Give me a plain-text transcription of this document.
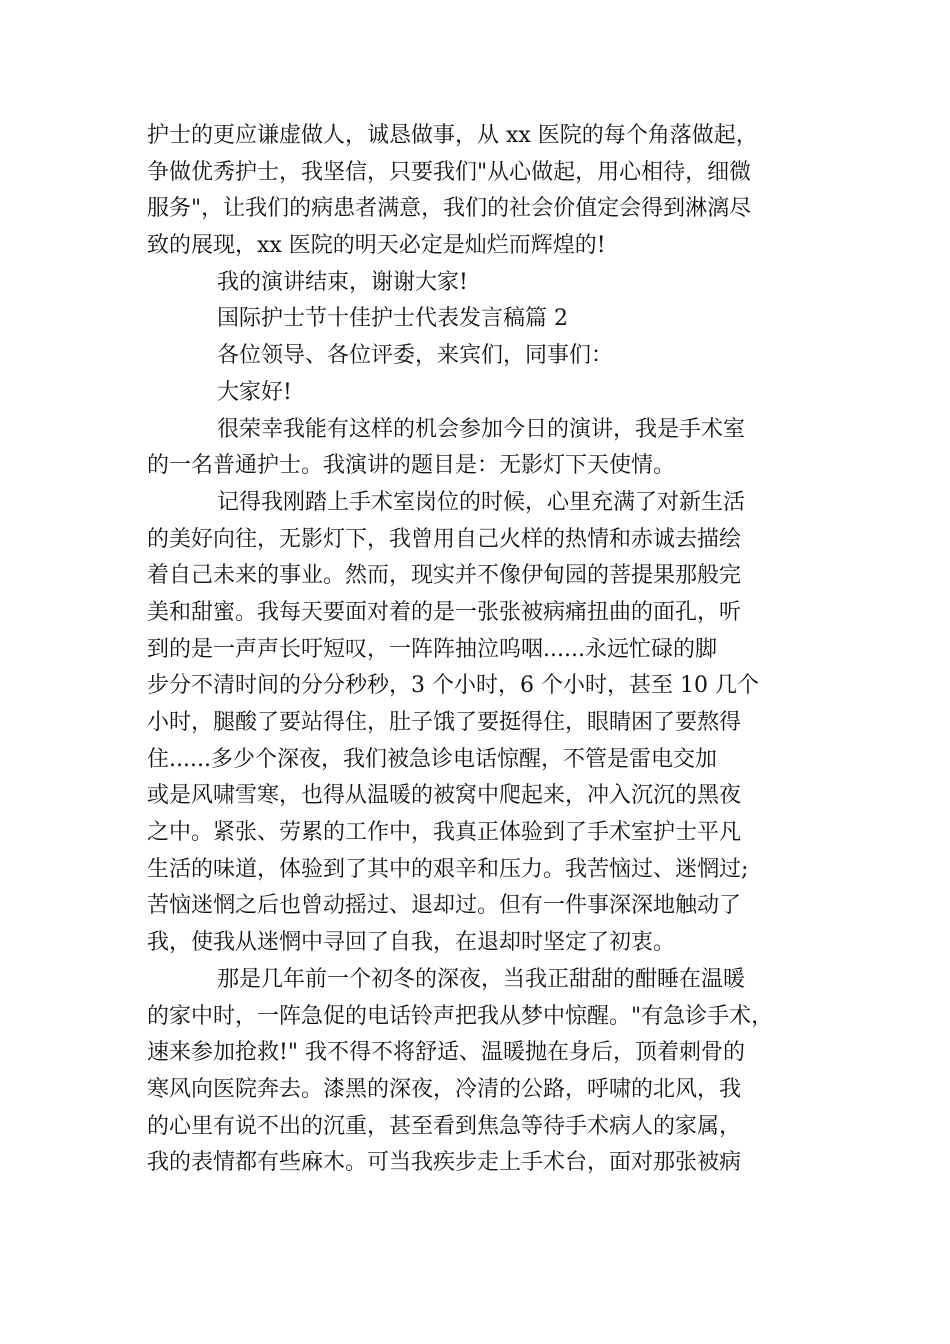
护士的更应谦虚做人，诚恳做事，从 xx 医院的每个角落做起，
争做优秀护士，我坚信，只要我们"从心做起，用心相待，细微
服务"，让我们的病患者满意，我们的社会价值定会得到淋漓尽
致的展现，xx 医院的明天必定是灿烂而辉煌的!
我的演讲结束，谢谢大家!
国际护士节十佳护士代表发言稿篇 2
各位领导、各位评委，来宾们，同事们：
大家好!
很荣幸我能有这样的机会参加今日的演讲，我是手术室
的一名普通护士。我演讲的题目是：无影灯下天使情。
记得我刚踏上手术室岗位的时候，心里充满了对新生活
的美好向往，无影灯下，我曾用自己火样的热情和赤诚去描绘
着自己未来的事业。然而，现实并不像伊甸园的菩提果那般完
美和甜蜜。我每天要面对着的是一张张被病痛扭曲的面孔，听
到的是一声声长吁短叹，一阵阵抽泣呜咽......永远忙碌的脚
步分不清时间的分分秒秒，3 个小时，6 个小时，甚至 10 几个
小时，腿酸了要站得住，肚子饿了要挺得住，眼睛困了要熬得
住......多少个深夜，我们被急诊电话惊醒，不管是雷电交加
或是风啸雪寒，也得从温暖的被窝中爬起来，冲入沉沉的黑夜
之中。紧张、劳累的工作中，我真正体验到了手术室护士平凡
生活的味道，体验到了其中的艰辛和压力。我苦恼过、迷惘过;
苦恼迷惘之后也曾动摇过、退却过。但有一件事深深地触动了
我，使我从迷惘中寻回了自我，在退却时坚定了初衷。
那是几年前一个初冬的深夜，当我正甜甜的酣睡在温暖
的家中时，一阵急促的电话铃声把我从梦中惊醒。"有急诊手术，
速来参加抢救!" 我不得不将舒适、温暖抛在身后，顶着刺骨的
寒风向医院奔去。漆黑的深夜，冷清的公路，呼啸的北风，我
的心里有说不出的沉重，甚至看到焦急等待手术病人的家属，
我的表情都有些麻木。可当我疾步走上手术台，面对那张被病
